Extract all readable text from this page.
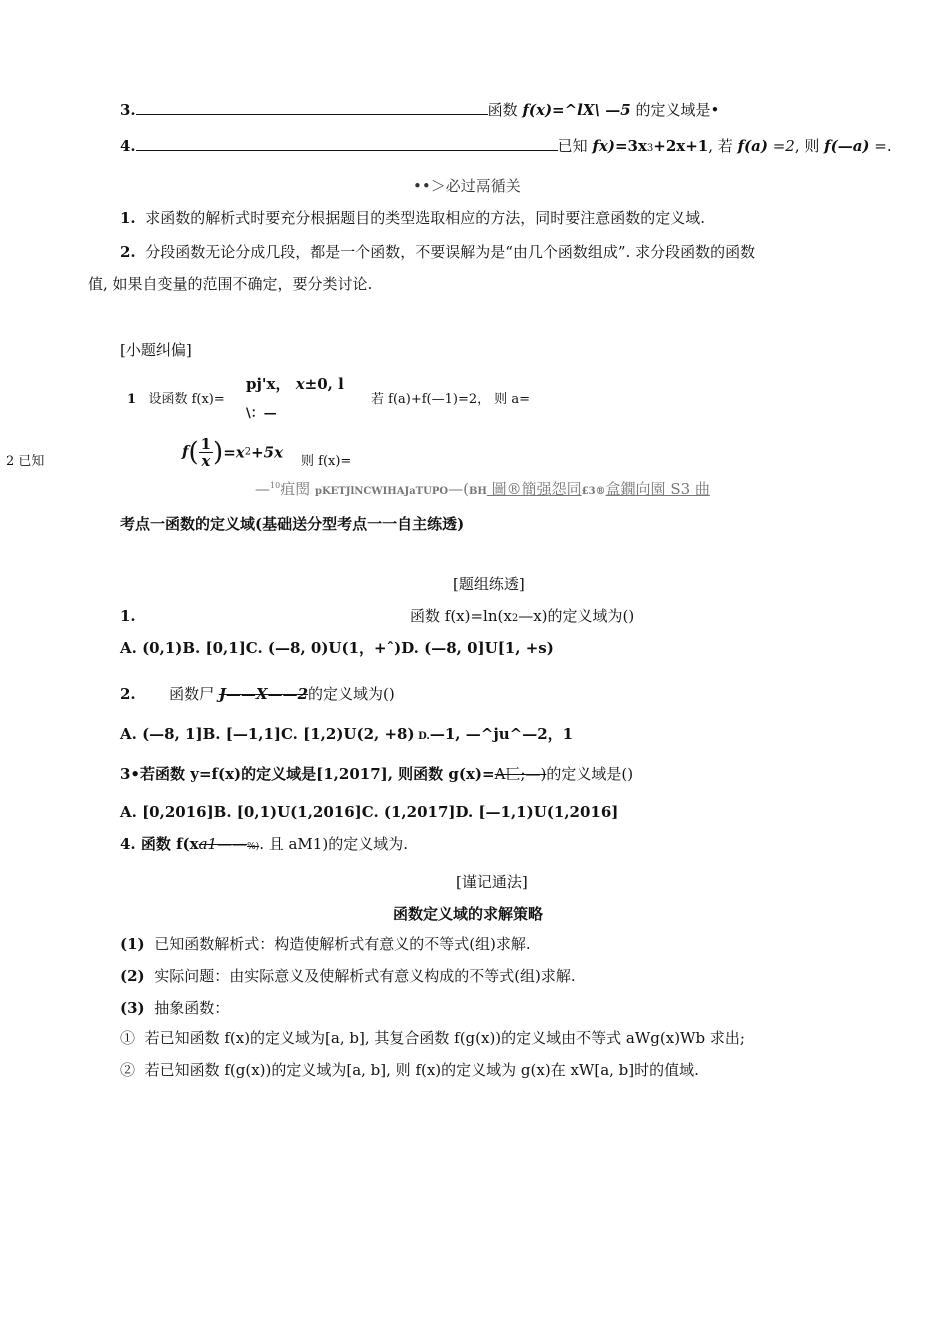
3.	函数 f(x)=^lX\ —5 的定义域是•
4.	已知 fx)=3x3+2x+1, 若 f(a) =2, 则 f(—a) =.
••＞必过鬲循关
1. 求函数的解析式时要充分根据题目的类型选取相应的方法，同时要注意函数的定义域.
2. 分段函数无论分成几段，都是一个函数，不要误解为是“由几个函数组成”. 求分段函数的函数
值, 如果自变量的范围不确定，要分类讨论.
[小题纠偏]
pj'x， x±0, l
1 设函数 f(x)=
\：—
若 f(a)+f(—1)=2， 则 a=
2 已知
$f( \frac{1}{x} )=x2+5x$ 则 f(x)=
—$^{10}$疽閚 pKETJlNCWIHAJaTUPO—(BH 圖®簡强怨同£3®盒鐗向園 S3 曲
考点一函数的定义域(基础送分型考点一一自主练透)
[题组练透]
1.	函数 f(x)=ln(x2—x)的定义域为()
A. (0,1)B. [0,1]C. (—8, 0)U(1，+ˆ)D. (—8, 0]U[1, +s)
2. 函数尸 J——X——2的定义域为()
A. (—8, 1]B. [—1,1]C. [1,2)U(2, +8) D.—1, —^ju^—2，1
3•若函数 y=f(x)的定义域是[1,2017], 则函数 g(x)=A匸;—)的定义域是()
A. [0,2016]B. [0,1)U(1,2016]C. (1,2017]D. [—1,1)U(1,2016]
4. 函数 f(xa1——%). 且 aM1)的定义域为.
[谨记通法]
函数定义域的求解策略
(1) 已知函数解析式：构造使解析式有意义的不等式(组)求解.
(2) 实际问题：由实际意义及使解析式有意义构成的不等式(组)求解.
(3) 抽象函数：
① 若已知函数 f(x)的定义域为[a, b], 其复合函数 f(g(x))的定义域由不等式 aWg(x)Wb 求出;
② 若已知函数 f(g(x))的定义域为[a, b], 则 f(x)的定义域为 g(x)在 xW[a, b]时的值域.
